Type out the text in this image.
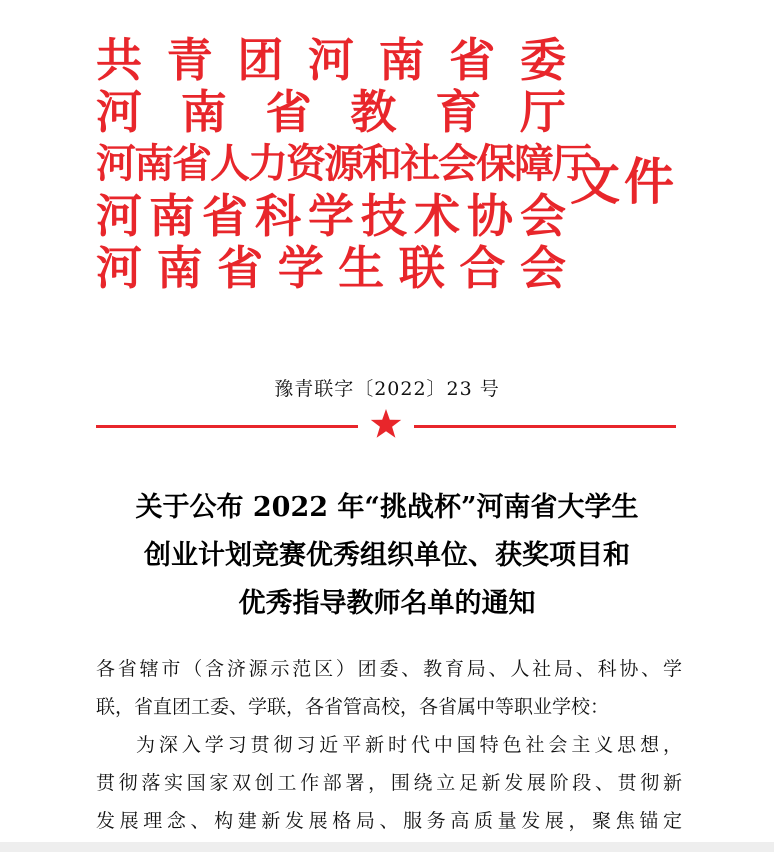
共 青 团 河 南 省 委
河 南 省 教 育 厅
河南省人力资源和社会保障厅
河 南 省 科 学 技 术 协 会
河 南 省 学 生 联 合 会
文件
豫青联字〔2022〕23 号
关于公布 2022 年“挑战杯”河南省大学生
创业计划竞赛优秀组织单位、获奖项目和
优秀指导教师名单的通知
各省辖市（含济源示范区）团委、教育局、人社局、科协、学
联，省直团工委、学联，各省管高校，各省属中等职业学校：
为深入学习贯彻习近平新时代中国特色社会主义思想，
贯彻落实国家双创工作部署，围绕立足新发展阶段、贯彻新
发展理念、构建新发展格局、服务高质量发展，聚焦锚定
